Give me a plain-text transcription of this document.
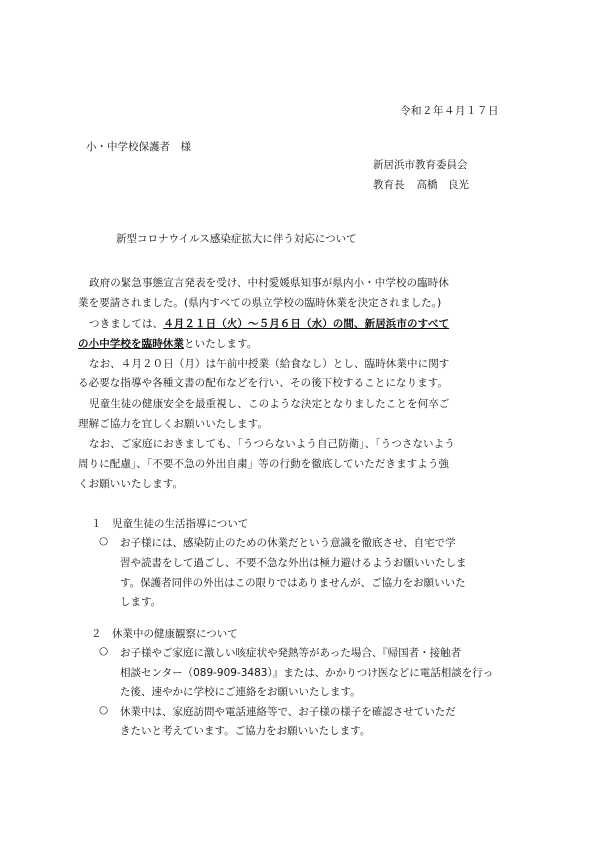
令和２年４月１７日
小・中学校保護者　様
新居浜市教育委員会
教育長 高橋　良光
新型コロナウイルス感染症拡大に伴う対応について
政府の緊急事態宣言発表を受け、中村愛媛県知事が県内小・中学校の臨時休
業を要請されました。(県内すべての県立学校の臨時休業を決定されました。)
つきましては、４月２１日（火）～５月６日（水）の間、新居浜市のすべて
の小中学校を臨時休業といたします。
なお、４月２０日（月）は午前中授業（給食なし）とし、臨時休業中に関す
る必要な指導や各種文書の配布などを行い、その後下校することになります。
児童生徒の健康安全を最重視し、このような決定となりましたことを何卒ご
理解ご協力を宜しくお願いいたします。
なお、ご家庭におきましても、「うつらないよう自己防衛」、「うつさないよう
周りに配慮」、「不要不急の外出自粛」等の行動を徹底していただきますよう強
くお願いいたします。
１　児童生徒の生活指導について
○ お子様には、感染防止のための休業だという意識を徹底させ、自宅で学
習や読書をして過ごし、不要不急な外出は極力避けるようお願いいたしま
す。保護者同伴の外出はこの限りではありませんが、ご協力をお願いいた
します。
２　休業中の健康観察について
○ お子様やご家庭に激しい咳症状や発熱等があった場合、『帰国者・接触者
相談センター（089-909-3483）』または、かかりつけ医などに電話相談を行っ
た後、速やかに学校にご連絡をお願いいたします。
○ 休業中は、家庭訪問や電話連絡等で、お子様の様子を確認させていただ
きたいと考えています。ご協力をお願いいたします。
